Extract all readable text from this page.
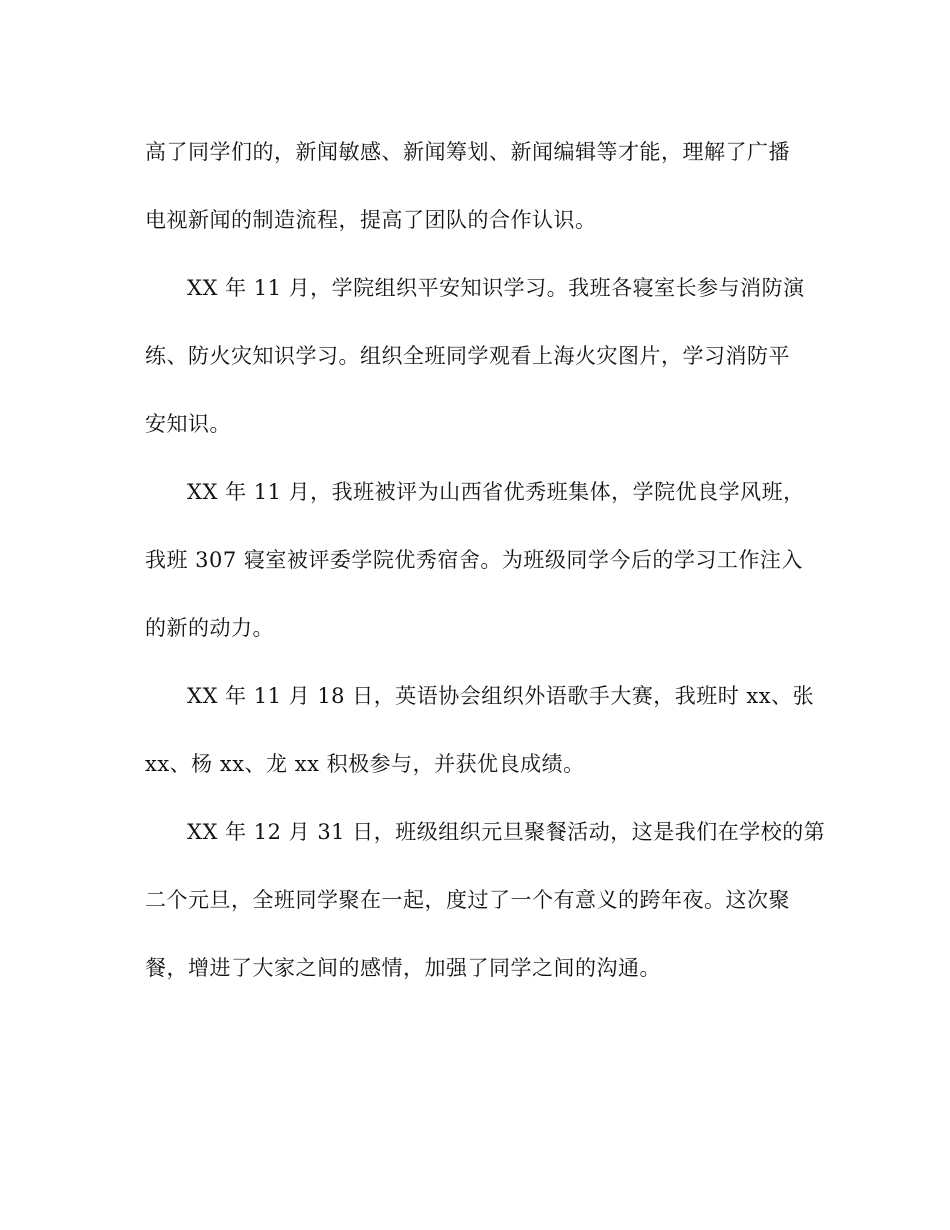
高了同学们的，新闻敏感、新闻筹划、新闻编辑等才能，理解了广播
电视新闻的制造流程，提高了团队的合作认识。
XX 年 11 月，学院组织平安知识学习。我班各寝室长参与消防演
练、防火灾知识学习。组织全班同学观看上海火灾图片，学习消防平
安知识。
XX 年 11 月，我班被评为山西省优秀班集体，学院优良学风班，
我班 307 寝室被评委学院优秀宿舍。为班级同学今后的学习工作注入
的新的动力。
XX 年 11 月 18 日，英语协会组织外语歌手大赛，我班时 xx、张
xx、杨 xx、龙 xx 积极参与，并获优良成绩。
XX 年 12 月 31 日，班级组织元旦聚餐活动，这是我们在学校的第
二个元旦，全班同学聚在一起，度过了一个有意义的跨年夜。这次聚
餐，增进了大家之间的感情，加强了同学之间的沟通。
